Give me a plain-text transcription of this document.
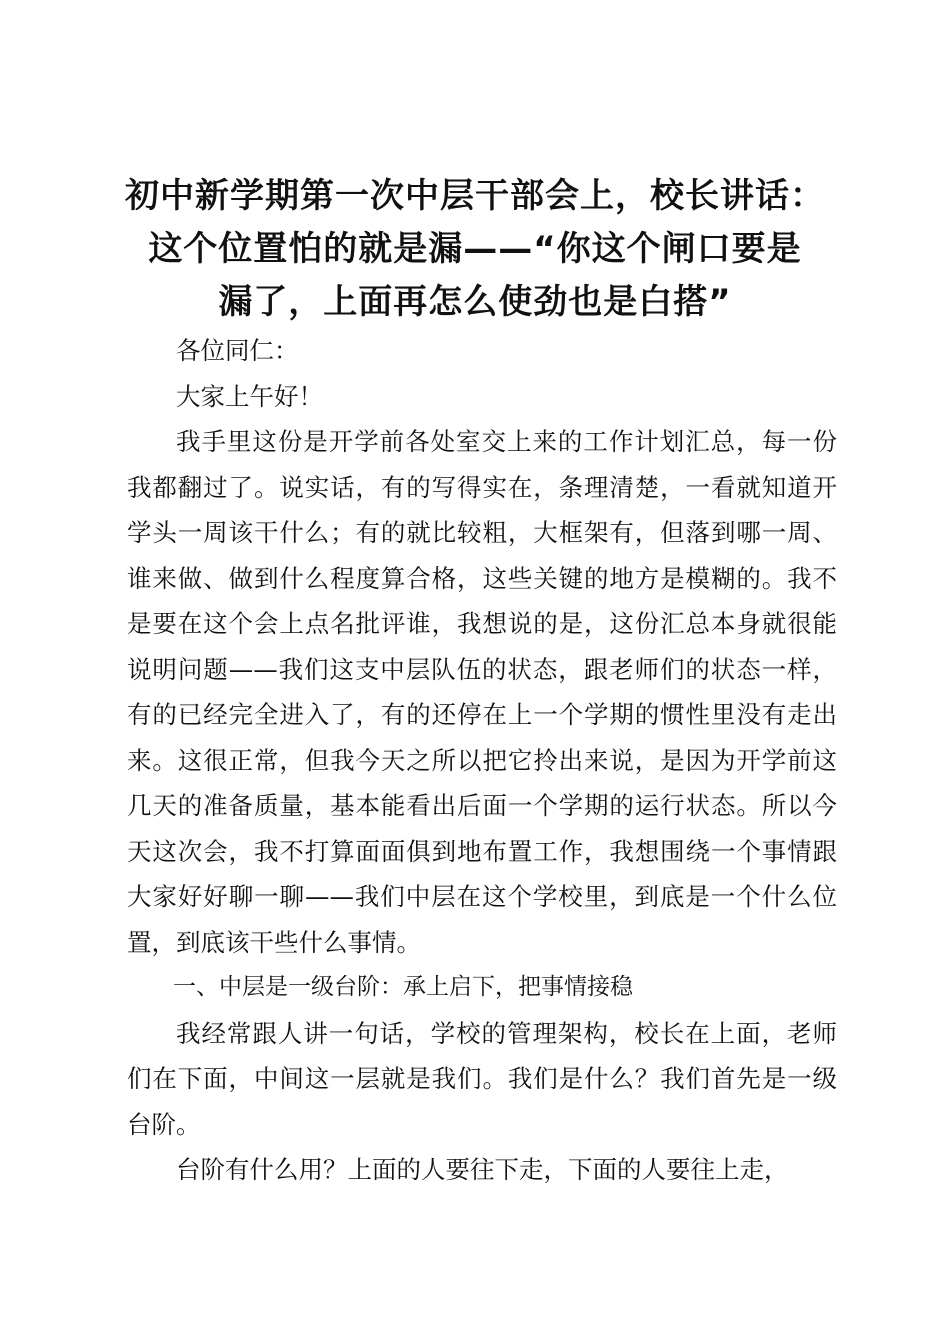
初中新学期第一次中层干部会上，校长讲话：
这个位置怕的就是漏——“你这个闸口要是
漏了，上面再怎么使劲也是白搭”

各位同仁：

大家上午好！

我手里这份是开学前各处室交上来的工作计划汇总，每一份我都翻过了。说实话，有的写得实在，条理清楚，一看就知道开学头一周该干什么；有的就比较粗，大框架有，但落到哪一周、谁来做、做到什么程度算合格，这些关键的地方是模糊的。我不是要在这个会上点名批评谁，我想说的是，这份汇总本身就很能说明问题——我们这支中层队伍的状态，跟老师们的状态一样，有的已经完全进入了，有的还停在上一个学期的惯性里没有走出来。这很正常，但我今天之所以把它拎出来说，是因为开学前这几天的准备质量，基本能看出后面一个学期的运行状态。所以今天这次会，我不打算面面俱到地布置工作，我想围绕一个事情跟大家好好聊一聊——我们中层在这个学校里，到底是一个什么位置，到底该干些什么事情。

一、中层是一级台阶：承上启下，把事情接稳

我经常跟人讲一句话，学校的管理架构，校长在上面，老师们在下面，中间这一层就是我们。我们是什么？我们首先是一级台阶。

台阶有什么用？上面的人要往下走，下面的人要往上走，
